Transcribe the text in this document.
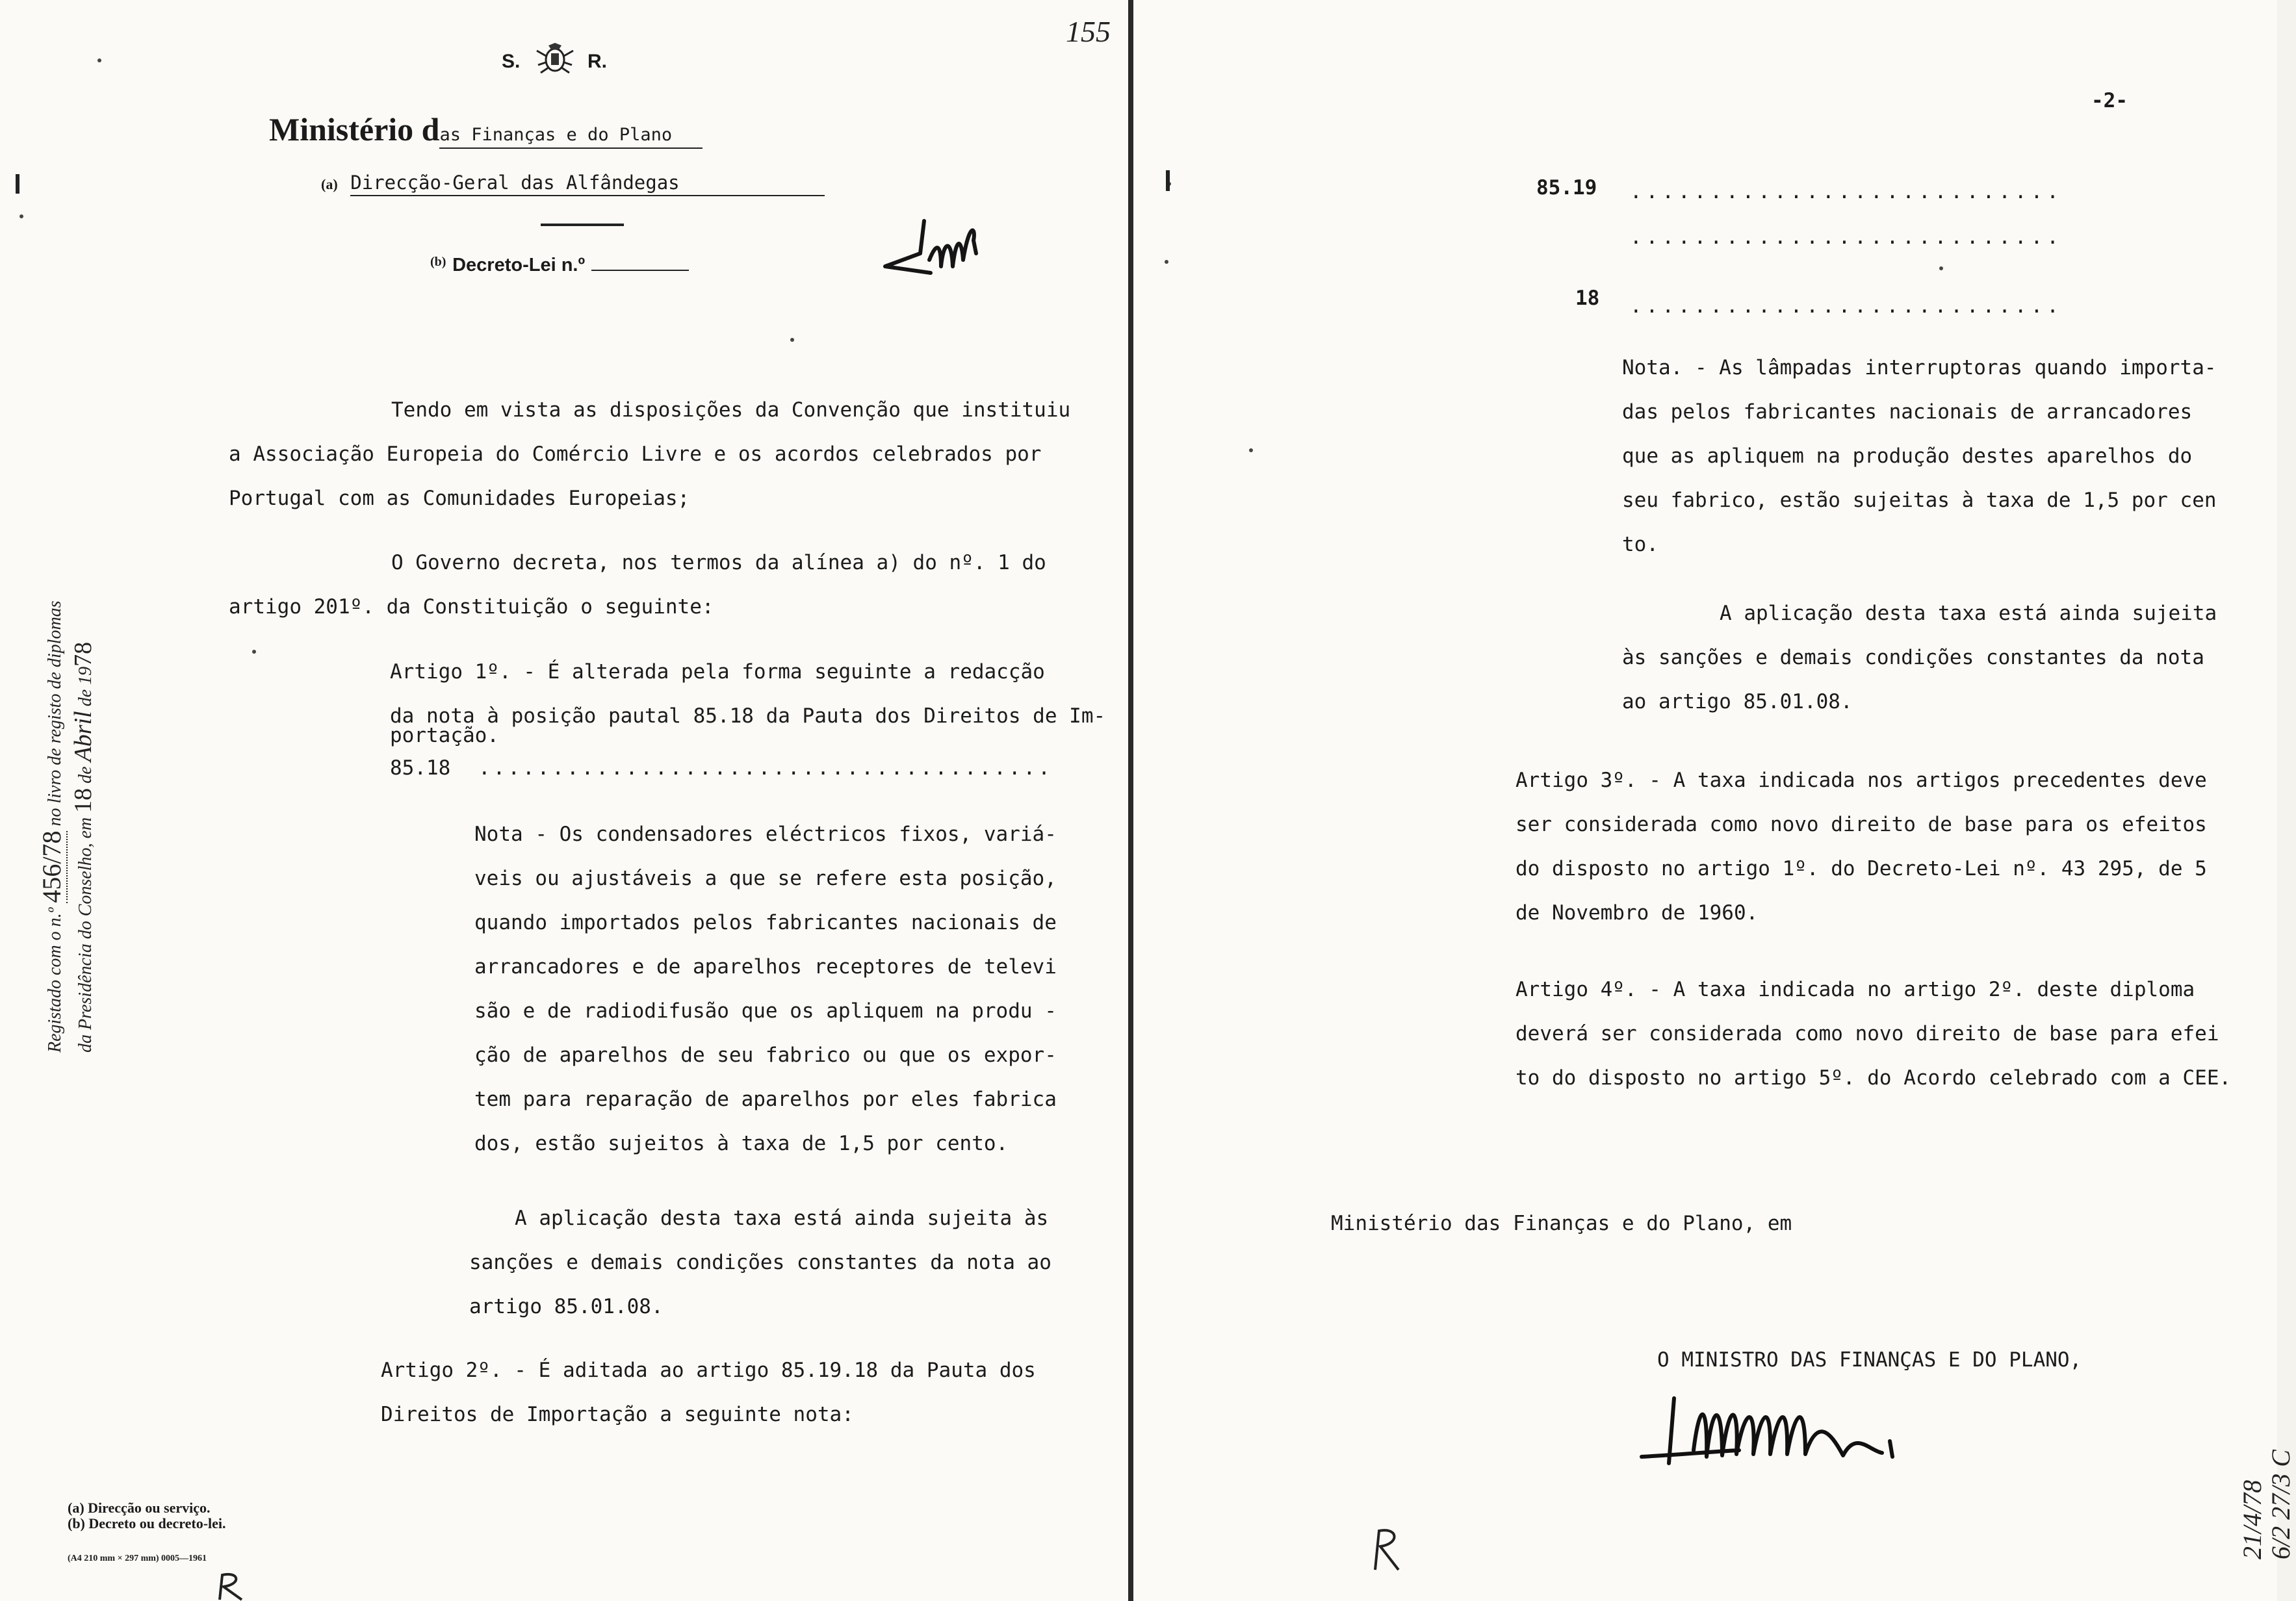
S.	R.
Ministério das Finanças e do Plano
(a) Direcção-Geral das Alfândegas
(b) Decreto-Lei n.º
Registado com o n.º 456/78 no livro de registo de diplomas
da Presidência do Conselho, em 18 de Abril de 1978

Tendo em vista as disposições da Convenção que instituiu
a Associação Europeia do Comércio Livre e os acordos celebrados por
Portugal com as Comunidades Europeias;

O Governo decreta, nos termos da alínea a) do nº. 1 do
artigo 201º. da Constituição o seguinte:

Artigo 1º. - É alterada pela forma seguinte a redacção
da nota à posição pautal 85.18 da Pauta dos Direitos de Im-

portação.
85.18 .......................................

Nota - Os condensadores eléctricos fixos, variá-
veis ou ajustáveis a que se refere esta posição,
quando importados pelos fabricantes nacionais de
arrancadores e de aparelhos receptores de televi
são e de radiodifusão que os apliquem na produ -
ção de aparelhos de seu fabrico ou que os expor-
tem para reparação de aparelhos por eles fabrica
dos, estão sujeitos à taxa de 1,5 por cento.

A aplicação desta taxa está ainda sujeita às
sanções e demais condições constantes da nota ao
artigo 85.01.08.

Artigo 2º. - É aditada ao artigo 85.19.18 da Pauta dos
Direitos de Importação a seguinte nota:

(a) Direcção ou serviço.
(b) Decreto ou decreto-lei.
(A4 210 mm × 297 mm) 0005—1961
155
-2-
85.19 ...........................
...........................
18 ...........................

Nota. - As lâmpadas interruptoras quando importa-
das pelos fabricantes nacionais de arrancadores
que as apliquem na produção destes aparelhos do
seu fabrico, estão sujeitas à taxa de 1,5 por cen
to.

A aplicação desta taxa está ainda sujeita
às sanções e demais condições constantes da nota
ao artigo 85.01.08.

Artigo 3º. - A taxa indicada nos artigos precedentes deve
ser considerada como novo direito de base para os efeitos
do disposto no artigo 1º. do Decreto-Lei nº. 43 295, de 5
de Novembro de 1960.

Artigo 4º. - A taxa indicada no artigo 2º. deste diploma
deverá ser considerada como novo direito de base para efei
to do disposto no artigo 5º. do Acordo celebrado com a CEE.

Ministério das Finanças e do Plano, em
O MINISTRO DAS FINANÇAS E DO PLANO,
21/4/78 6/2 27/3 C
